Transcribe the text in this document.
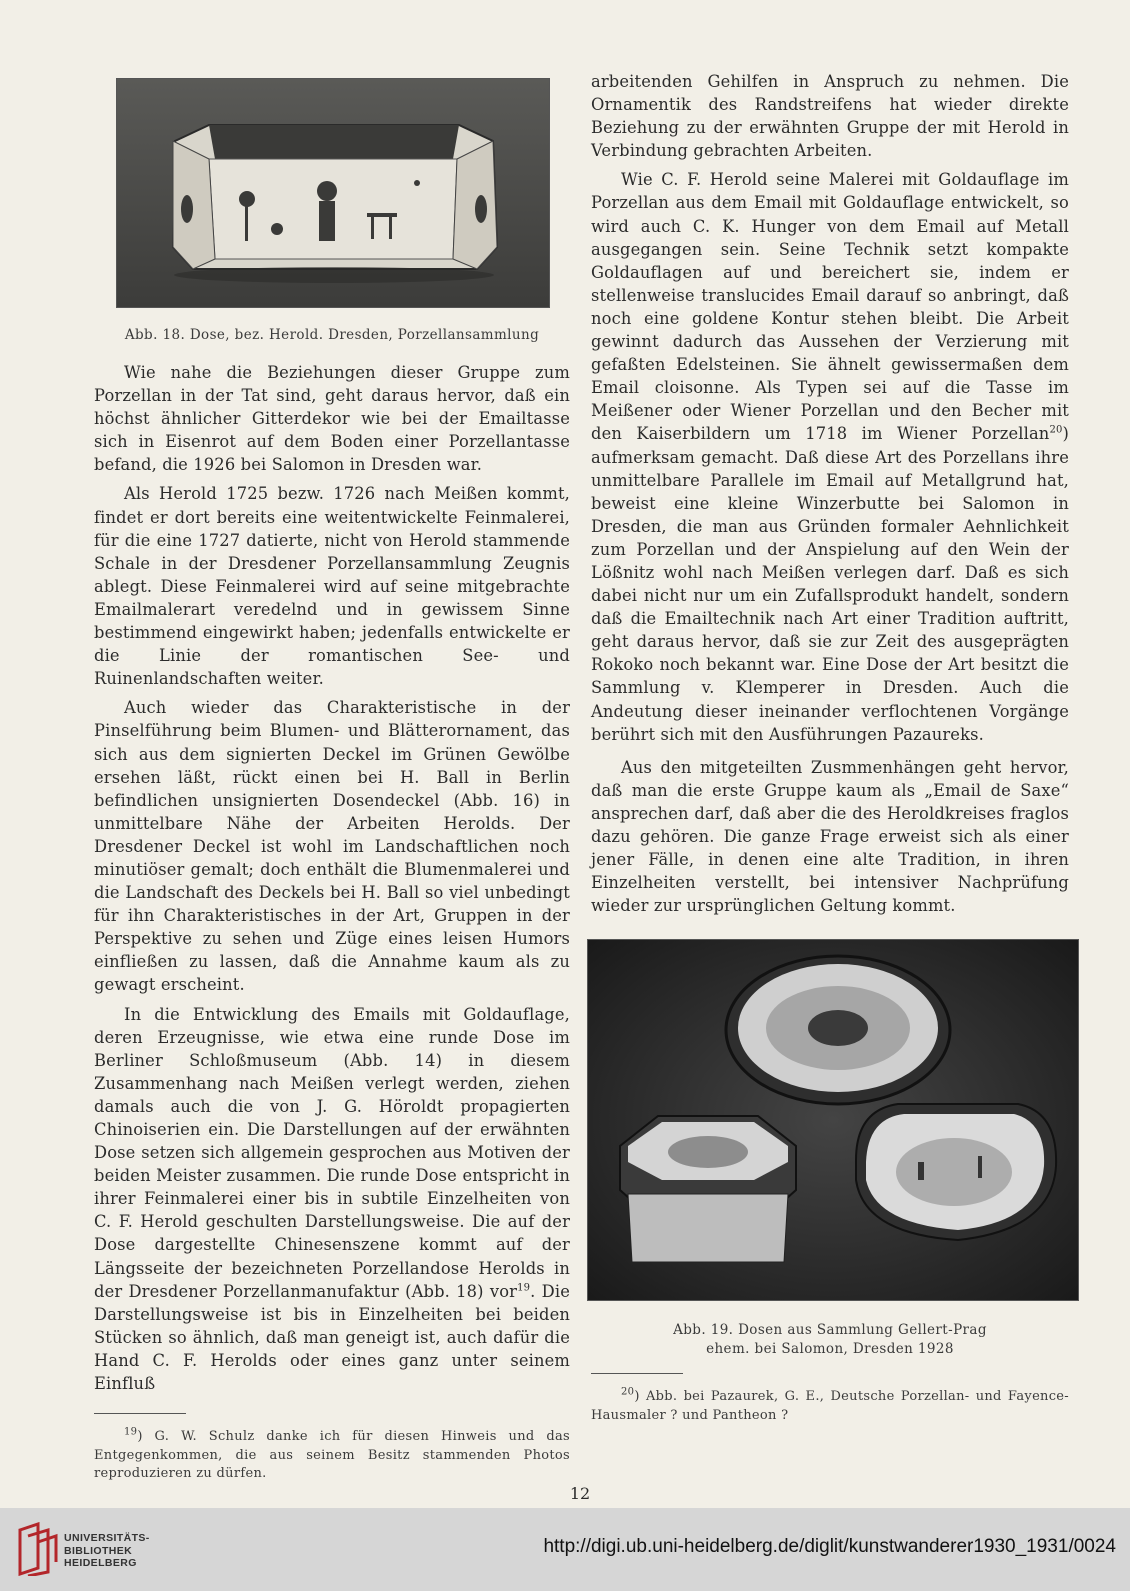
Abb. 18. Dose, bez. Herold. Dresden, Porzellansammlung

Wie nahe die Beziehungen dieser Gruppe zum Porzellan in der Tat sind, geht daraus hervor, daß ein höchst ähnlicher Gitterdekor wie bei der Emailtasse sich in Eisenrot auf dem Boden einer Porzellantasse befand, die 1926 bei Salomon in Dresden war.

Als Herold 1725 bezw. 1726 nach Meißen kommt, findet er dort bereits eine weitentwickelte Feinmalerei, für die eine 1727 datierte, nicht von Herold stammende Schale in der Dresdener Porzellansammlung Zeugnis ablegt. Diese Feinmalerei wird auf seine mitgebrachte Emailmalerart veredelnd und in gewissem Sinne bestimmend eingewirkt haben; jedenfalls entwickelte er die Linie der romantischen See- und Ruinenlandschaften weiter.

Auch wieder das Charakteristische in der Pinselführung beim Blumen- und Blätterornament, das sich aus dem signierten Deckel im Grünen Gewölbe ersehen läßt, rückt einen bei H. Ball in Berlin befindlichen unsignierten Dosendeckel (Abb. 16) in unmittelbare Nähe der Arbeiten Herolds. Der Dresdener Deckel ist wohl im Landschaftlichen noch minutiöser gemalt; doch enthält die Blumenmalerei und die Landschaft des Deckels bei H. Ball so viel unbedingt für ihn Charakteristisches in der Art, Gruppen in der Perspektive zu sehen und Züge eines leisen Humors einfließen zu lassen, daß die Annahme kaum als zu gewagt erscheint.

In die Entwicklung des Emails mit Goldauflage, deren Erzeugnisse, wie etwa eine runde Dose im Berliner Schloßmuseum (Abb. 14) in diesem Zusammenhang nach Meißen verlegt werden, ziehen damals auch die von J. G. Höroldt propagierten Chinoiserien ein. Die Darstellungen auf der erwähnten Dose setzen sich allgemein gesprochen aus Motiven der beiden Meister zusammen. Die runde Dose entspricht in ihrer Feinmalerei einer bis in subtile Einzelheiten von C. F. Herold geschulten Darstellungsweise. Die auf der Dose dargestellte Chinesenszene kommt auf der Längsseite der bezeichneten Porzellandose Herolds in der Dresdener Porzellanmanufaktur (Abb. 18) vor$^{19}$. Die Darstellungsweise ist bis in Einzelheiten bei beiden Stücken so ähnlich, daß man geneigt ist, auch dafür die Hand C. F. Herolds oder eines ganz unter seinem Einfluß

$^{19}$) G. W. Schulz danke ich für diesen Hinweis und das Entgegenkommen, die aus seinem Besitz stammenden Photos reproduzieren zu dürfen.

arbeitenden Gehilfen in Anspruch zu nehmen. Die Ornamentik des Randstreifens hat wieder direkte Beziehung zu der erwähnten Gruppe der mit Herold in Verbindung gebrachten Arbeiten.

Wie C. F. Herold seine Malerei mit Goldauflage im Porzellan aus dem Email mit Goldauflage entwickelt, so wird auch C. K. Hunger von dem Email auf Metall ausgegangen sein. Seine Technik setzt kompakte Goldauflagen auf und bereichert sie, indem er stellenweise translucides Email darauf so anbringt, daß noch eine goldene Kontur stehen bleibt. Die Arbeit gewinnt dadurch das Aussehen der Verzierung mit gefaßten Edelsteinen. Sie ähnelt gewissermaßen dem Email cloisonne. Als Typen sei auf die Tasse im Meißener oder Wiener Porzellan und den Becher mit den Kaiserbildern um 1718 im Wiener Porzellan$^{20}$) aufmerksam gemacht. Daß diese Art des Porzellans ihre unmittelbare Parallele im Email auf Metallgrund hat, beweist eine kleine Winzerbutte bei Salomon in Dresden, die man aus Gründen formaler Aehnlichkeit zum Porzellan und der Anspielung auf den Wein der Lößnitz wohl nach Meißen verlegen darf. Daß es sich dabei nicht nur um ein Zufallsprodukt handelt, sondern daß die Emailtechnik nach Art einer Tradition auftritt, geht daraus hervor, daß sie zur Zeit des ausgeprägten Rokoko noch bekannt war. Eine Dose der Art besitzt die Sammlung v. Klemperer in Dresden. Auch die Andeutung dieser ineinander verflochtenen Vorgänge berührt sich mit den Ausführungen Pazaureks.

Aus den mitgeteilten Zusmmenhängen geht hervor, daß man die erste Gruppe kaum als „Email de Saxe“ ansprechen darf, daß aber die des Heroldkreises fraglos dazu gehören. Die ganze Frage erweist sich als einer jener Fälle, in denen eine alte Tradition, in ihren Einzelheiten verstellt, bei intensiver Nachprüfung wieder zur ursprünglichen Geltung kommt.

Abb. 19. Dosen aus Sammlung Gellert-Prag
ehem. bei Salomon, Dresden 1928
$^{20}$) Abb. bei Pazaurek, G. E., Deutsche Porzellan- und Fayence-Hausmaler ? und Pantheon ?
12
UNIVERSITÄTS-
BIBLIOTHEK
HEIDELBERG
http://digi.ub.uni-heidelberg.de/diglit/kunstwanderer1930_1931/0024
